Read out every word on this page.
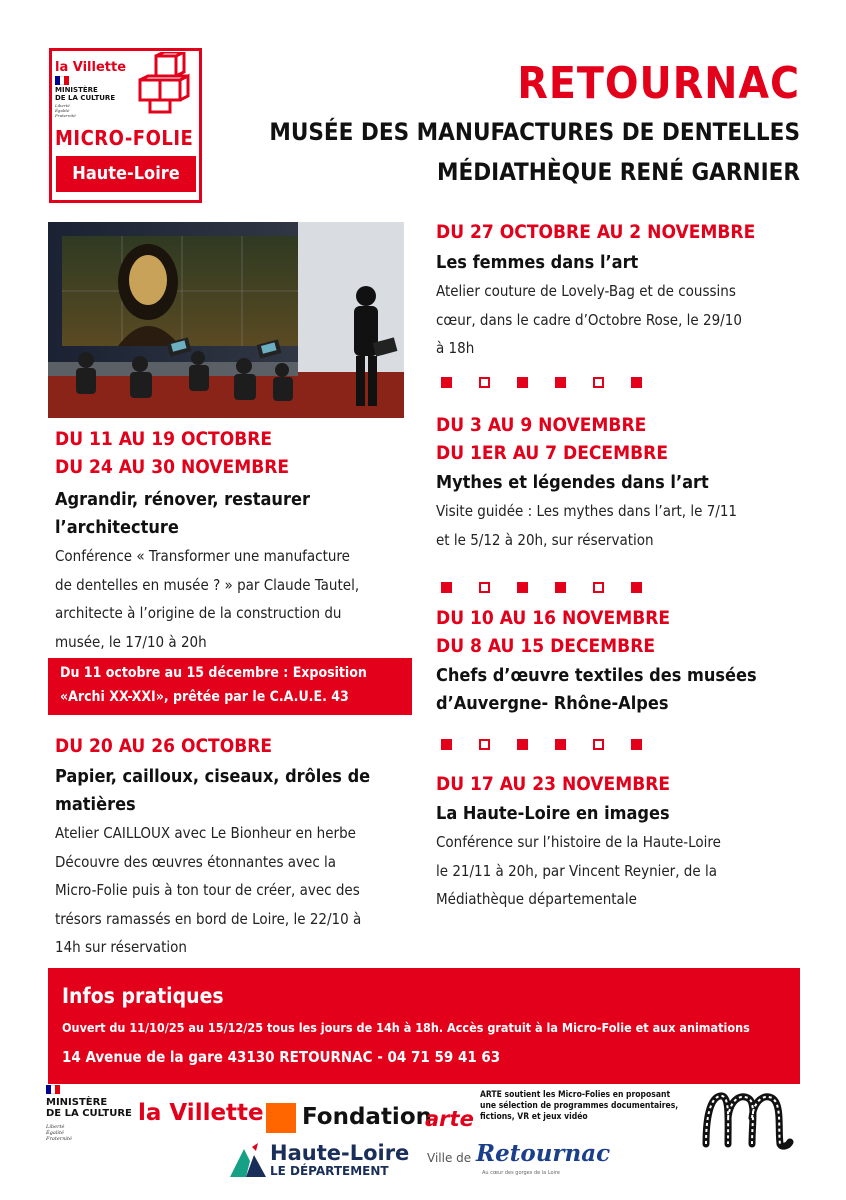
la Villette
MINISTÈRE
DE LA CULTURE
Liberté
Égalité
Fraternité
MICRO-FOLIE
Haute-Loire
RETOURNAC
MUSÉE DES MANUFACTURES DE DENTELLES
MÉDIATHÈQUE RENÉ GARNIER
DU 11 AU 19 OCTOBRE
DU 24 AU 30 NOVEMBRE
Agrandir, rénover, restaurer
l’architecture
Conférence « Transformer une manufacture
de dentelles en musée ? » par Claude Tautel,
architecte à l’origine de la construction du
musée, le 17/10 à 20h
Du 11 octobre au 15 décembre : Exposition
«Archi XX-XXI», prêtée par le C.A.U.E. 43
DU 20 AU 26 OCTOBRE
Papier, cailloux, ciseaux, drôles de
matières
Atelier CAILLOUX avec Le Bionheur en herbe
Découvre des œuvres étonnantes avec la
Micro-Folie puis à ton tour de créer, avec des
trésors ramassés en bord de Loire, le 22/10 à
14h sur réservation
DU 27 OCTOBRE AU 2 NOVEMBRE
Les femmes dans l’art
Atelier couture de Lovely-Bag et de coussins
cœur, dans le cadre d’Octobre Rose, le 29/10
à 18h
DU 3 AU 9 NOVEMBRE
DU 1ER AU 7 DECEMBRE
Mythes et légendes dans l’art
Visite guidée : Les mythes dans l’art, le 7/11
et le 5/12 à 20h, sur réservation
DU 10 AU 16 NOVEMBRE
DU 8 AU 15 DECEMBRE
Chefs d’œuvre textiles des musées
d’Auvergne- Rhône-Alpes
DU 17 AU 23 NOVEMBRE
La Haute-Loire en images
Conférence sur l’histoire de la Haute-Loire
le 21/11 à 20h, par Vincent Reynier, de la
Médiathèque départementale
Infos pratiques
Ouvert du 11/10/25 au 15/12/25 tous les jours de 14h à 18h. Accès gratuit à la Micro-Folie et aux animations
14 Avenue de la gare 43130 RETOURNAC - 04 71 59 41 63
MINISTÈRE
DE LA CULTURE
Liberté
Égalité
Fraternité
la Villette Fondation
arte
ARTE soutient les Micro-Folies en proposant une sélection de programmes documentaires, fictions, VR et jeux vidéo
Haute-Loire
LE DÉPARTEMENT
Ville de Retournac
Au cœur des gorges de la Loire
